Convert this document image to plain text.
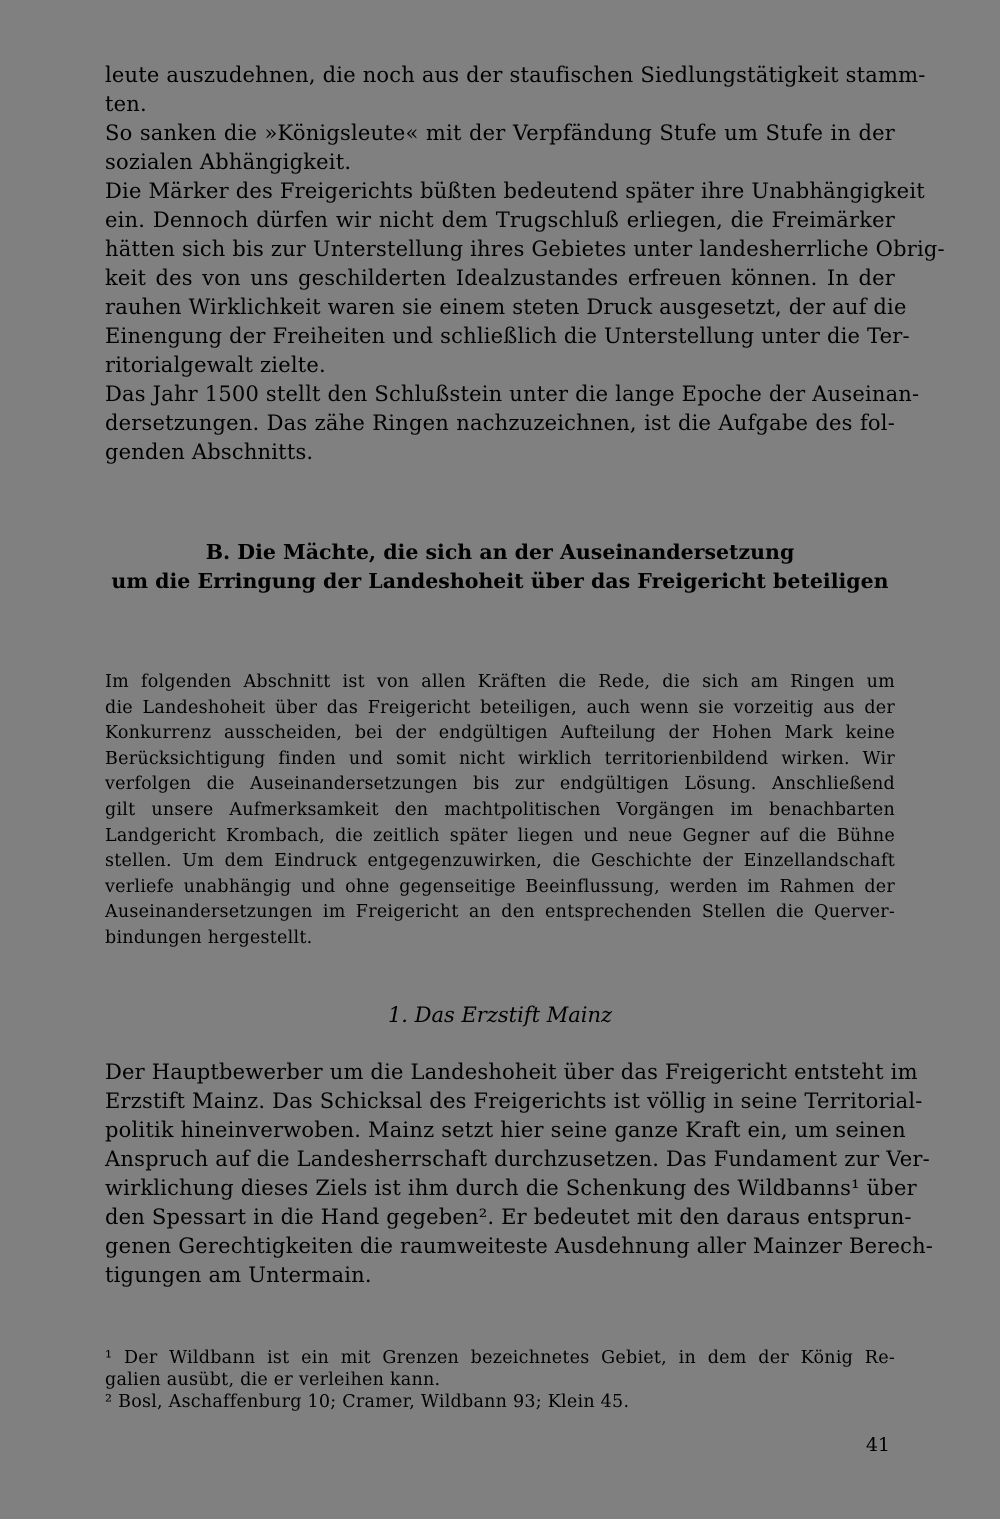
leute auszudehnen, die noch aus der staufischen Siedlungstätigkeit stamm-
ten.
So sanken die »Königsleute« mit der Verpfändung Stufe um Stufe in der
sozialen Abhängigkeit.
Die Märker des Freigerichts büßten bedeutend später ihre Unabhängigkeit
ein. Dennoch dürfen wir nicht dem Trugschluß erliegen, die Freimärker
hätten sich bis zur Unterstellung ihres Gebietes unter landesherrliche Obrig-
keit des von uns geschilderten Idealzustandes erfreuen können. In der
rauhen Wirklichkeit waren sie einem steten Druck ausgesetzt, der auf die
Einengung der Freiheiten und schließlich die Unterstellung unter die Ter-
ritorialgewalt zielte.
Das Jahr 1500 stellt den Schlußstein unter die lange Epoche der Auseinan-
dersetzungen. Das zähe Ringen nachzuzeichnen, ist die Aufgabe des fol-
genden Abschnitts.
B. Die Mächte, die sich an der Auseinandersetzung
um die Erringung der Landeshoheit über das Freigericht beteiligen
Im folgenden Abschnitt ist von allen Kräften die Rede, die sich am Ringen um
die Landeshoheit über das Freigericht beteiligen, auch wenn sie vorzeitig aus der
Konkurrenz ausscheiden, bei der endgültigen Aufteilung der Hohen Mark keine
Berücksichtigung finden und somit nicht wirklich territorienbildend wirken. Wir
verfolgen die Auseinandersetzungen bis zur endgültigen Lösung. Anschließend
gilt unsere Aufmerksamkeit den machtpolitischen Vorgängen im benachbarten
Landgericht Krombach, die zeitlich später liegen und neue Gegner auf die Bühne
stellen. Um dem Eindruck entgegenzuwirken, die Geschichte der Einzellandschaft
verliefe unabhängig und ohne gegenseitige Beeinflussung, werden im Rahmen der
Auseinandersetzungen im Freigericht an den entsprechenden Stellen die Querver-
bindungen hergestellt.
1. Das Erzstift Mainz
Der Hauptbewerber um die Landeshoheit über das Freigericht entsteht im
Erzstift Mainz. Das Schicksal des Freigerichts ist völlig in seine Territorial-
politik hineinverwoben. Mainz setzt hier seine ganze Kraft ein, um seinen
Anspruch auf die Landesherrschaft durchzusetzen. Das Fundament zur Ver-
wirklichung dieses Ziels ist ihm durch die Schenkung des Wildbanns¹ über
den Spessart in die Hand gegeben². Er bedeutet mit den daraus entsprun-
genen Gerechtigkeiten die raumweiteste Ausdehnung aller Mainzer Berech-
tigungen am Untermain.
¹ Der Wildbann ist ein mit Grenzen bezeichnetes Gebiet, in dem der König Re-
galien ausübt, die er verleihen kann.
² Bosl, Aschaffenburg 10; Cramer, Wildbann 93; Klein 45.
41
